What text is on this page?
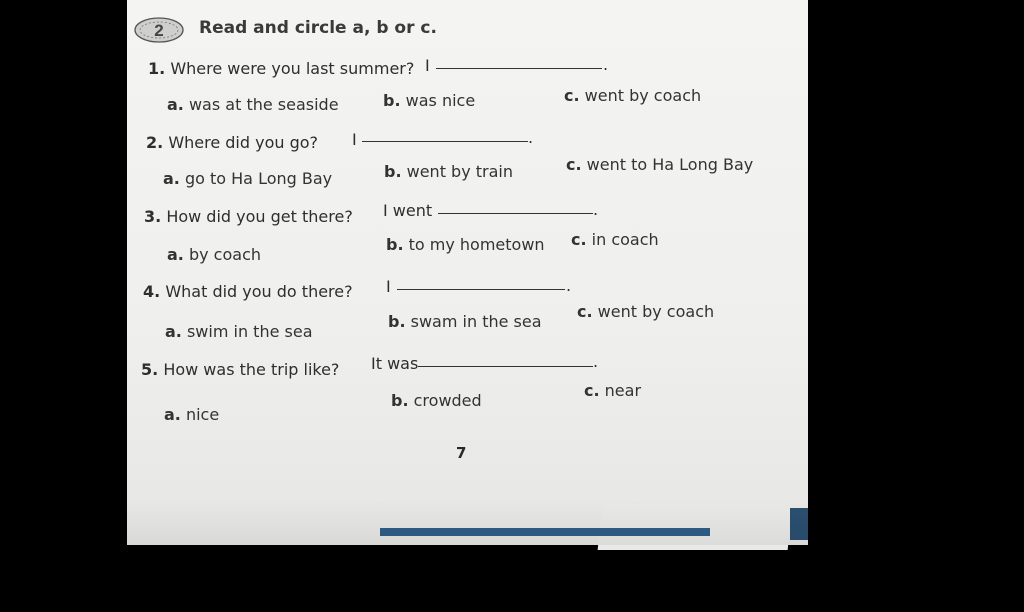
2 Read and circle a, b or c.
1. Where were you last summer? I	.
a. was at the seaside	b. was nice	c. went by coach
2. Where did you go? I	.
a. go to Ha Long Bay	b. went by train	c. went to Ha Long Bay
3. How did you get there? I went	.
a. by coach
b. to my hometown c. in coach
4. What did you do there? I	.
a. swim in the sea
b. swam in the sea
c. went by coach
5. How was the trip like? It was	.
a. nice
b. crowded
c. near
7
